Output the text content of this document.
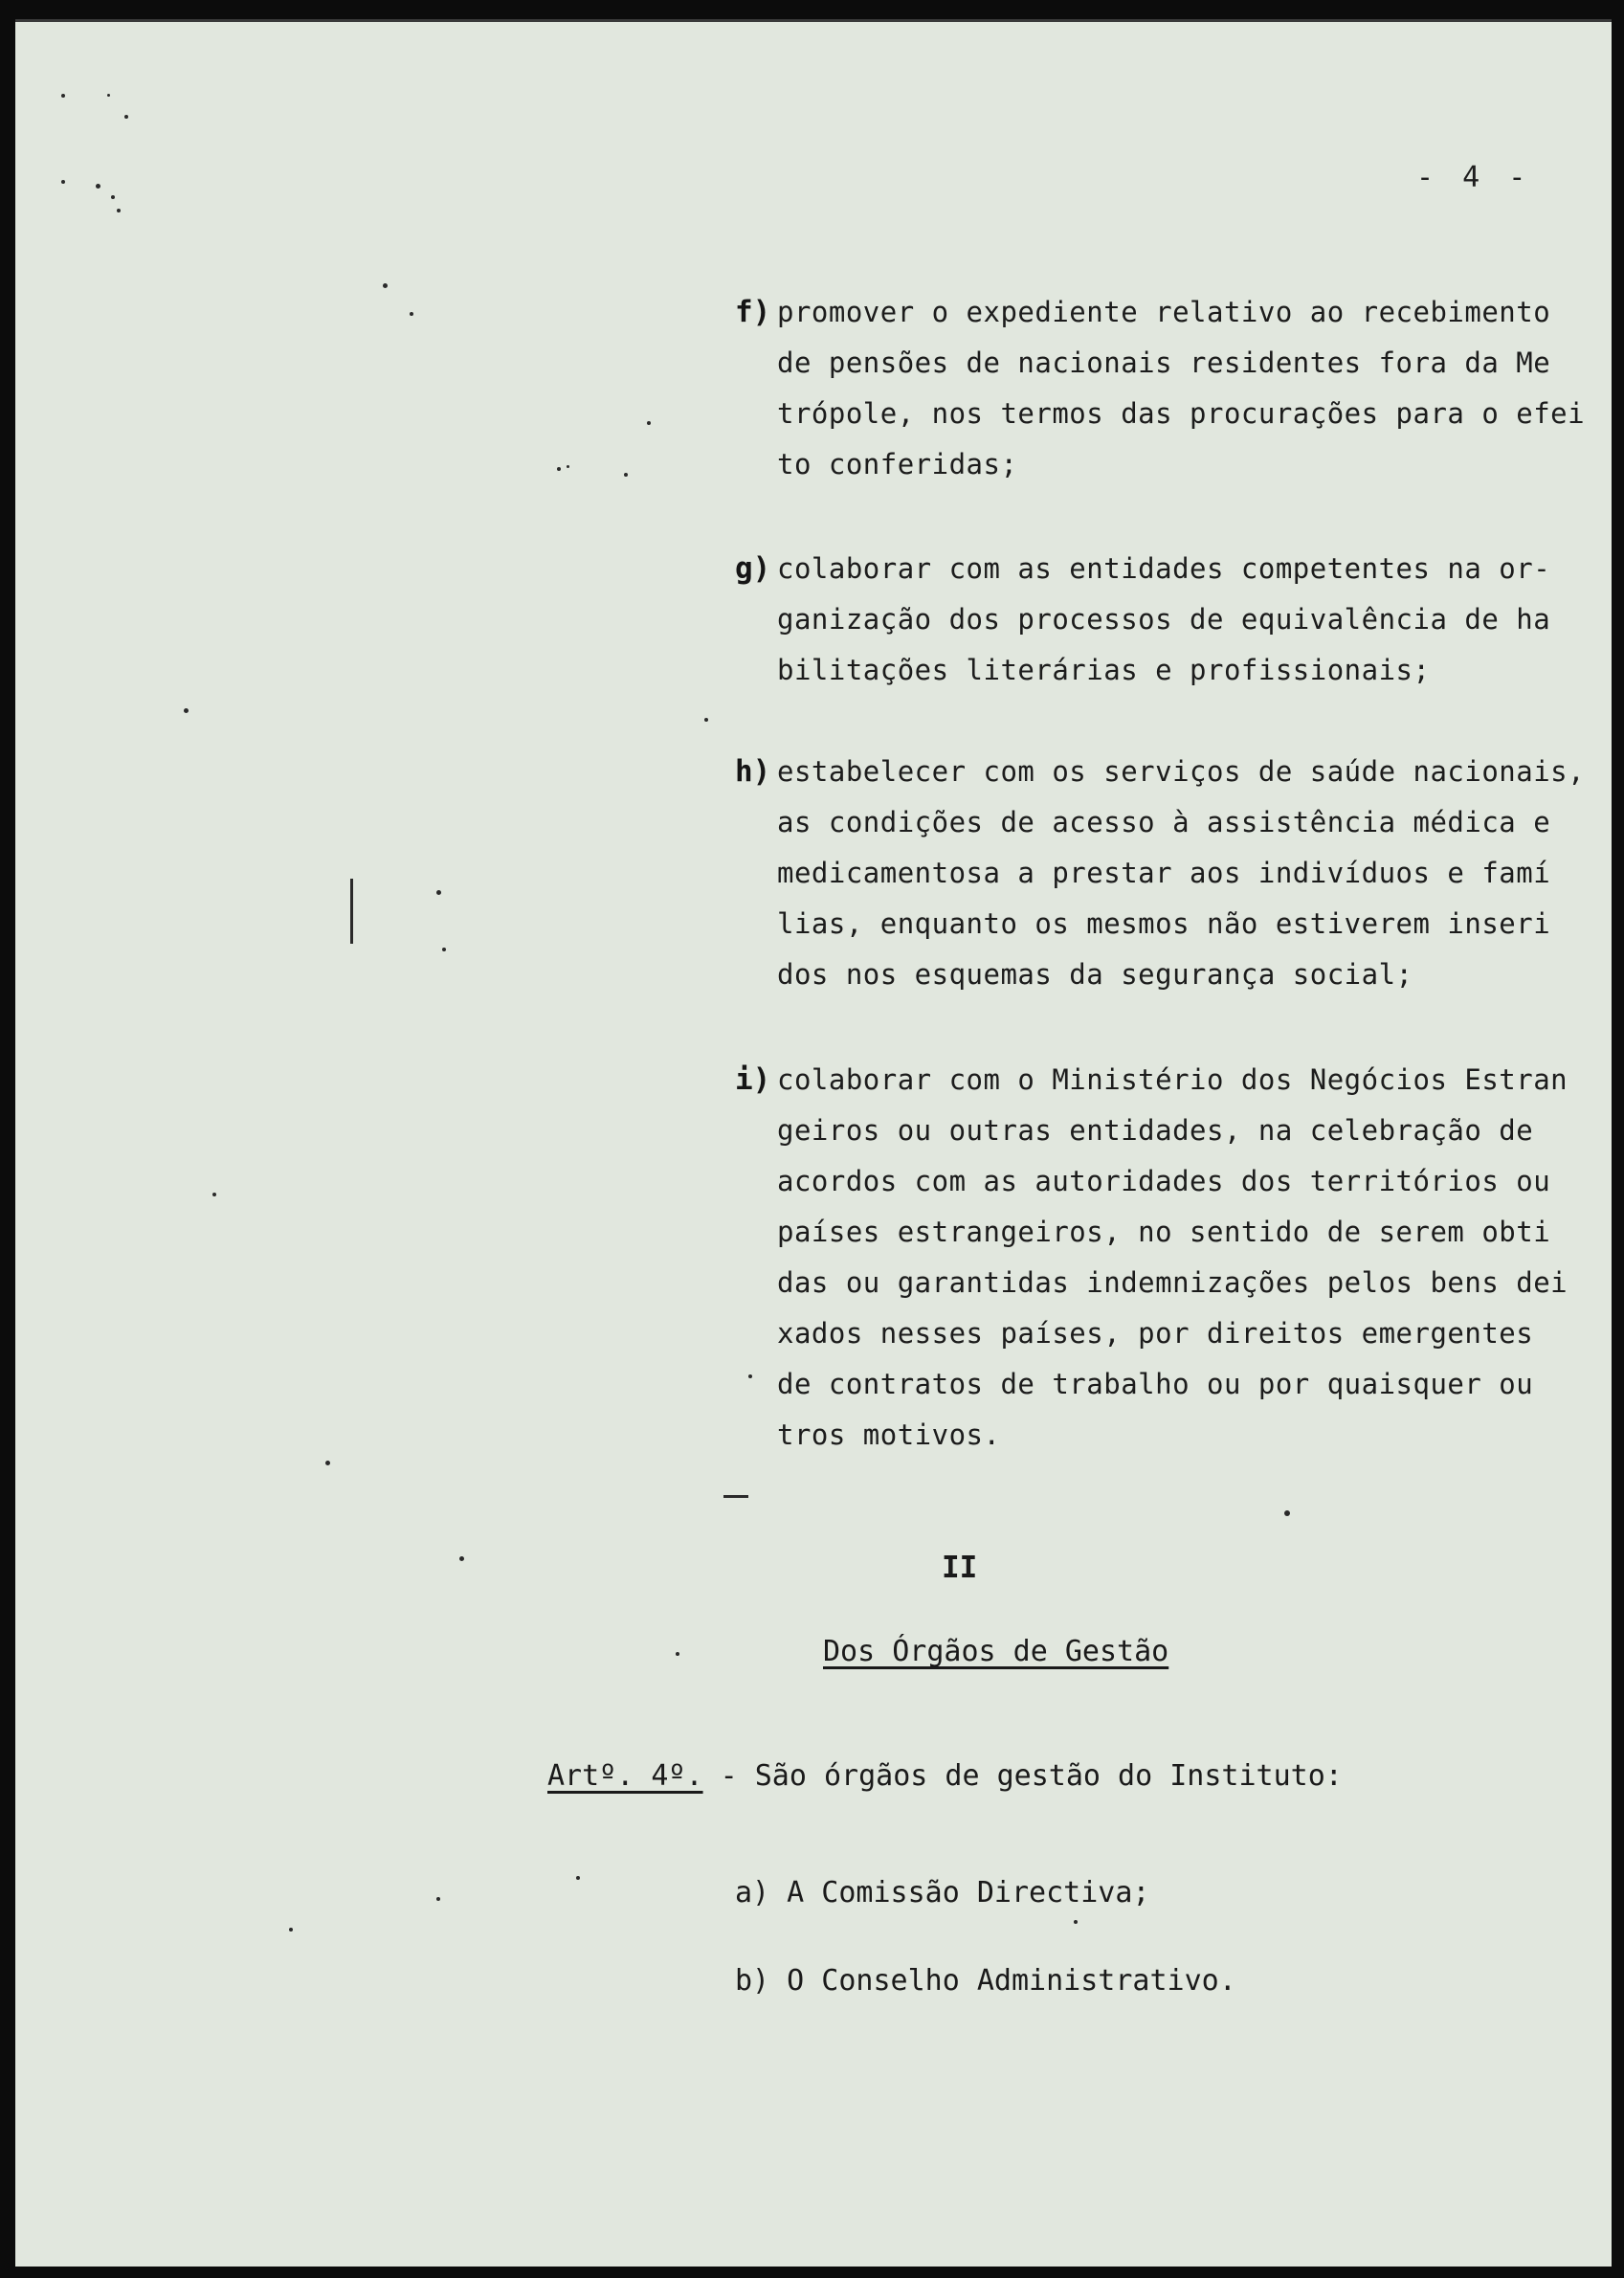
- 4 -
f) promover o expediente relativo ao recebimento
de pensões de nacionais residentes fora da Me
trópole, nos termos das procurações para o efei
to conferidas;
g) colaborar com as entidades competentes na or-
ganização dos processos de equivalência de ha
bilitações literárias e profissionais;
h) estabelecer com os serviços de saúde nacionais,
as condições de acesso à assistência médica e
medicamentosa a prestar aos indivíduos e famí
lias, enquanto os mesmos não estiverem inseri
dos nos esquemas da segurança social;
i) colaborar com o Ministério dos Negócios Estran
geiros ou outras entidades, na celebração de
acordos com as autoridades dos territórios ou
países estrangeiros, no sentido de serem obti
das ou garantidas indemnizações pelos bens dei
xados nesses países, por direitos emergentes
de contratos de trabalho ou por quaisquer ou
tros motivos.
II
Dos Órgãos de Gestão
Artº. 4º. - São órgãos de gestão do Instituto:
a) A Comissão Directiva;
b) O Conselho Administrativo.
